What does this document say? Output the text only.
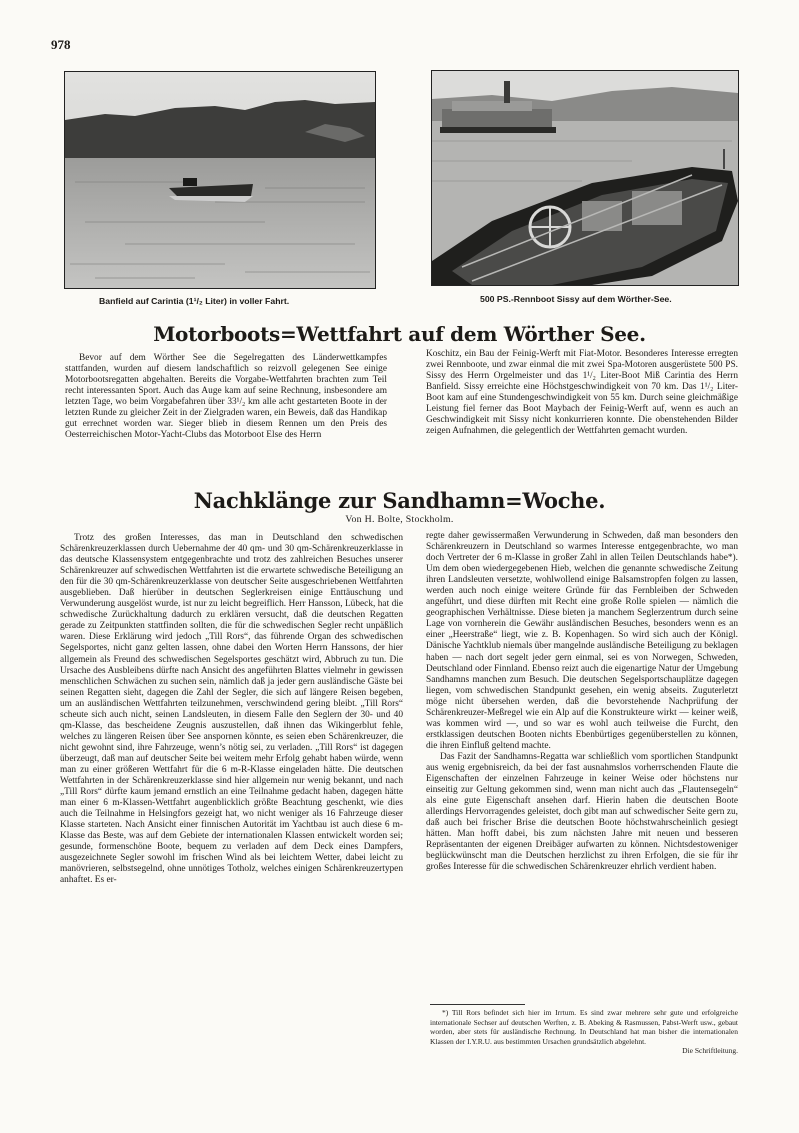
978
Banfield auf Carintia (1¹/₂ Liter) in voller Fahrt.	500 PS.-Rennboot Sissy auf dem Wörther-See.
Motorboots=Wettfahrt auf dem Wörther See.

Bevor auf dem Wörther See die Segelregatten des Länderwettkampfes stattfanden, wurden auf diesem landschaftlich so reizvoll gelegenen See einige Motorbootsregatten abgehalten. Bereits die Vorgabe-Wettfahrten brachten zum Teil recht interessanten Sport. Auch das Auge kam auf seine Rechnung, insbesondere am letzten Tage, wo beim Vorgabefahren über 33¹/₂ km alle acht gestarteten Boote in der letzten Runde zu gleicher Zeit in der Zielgraden waren, ein Beweis, daß das Handikap gut errechnet worden war. Sieger blieb in diesem Rennen um den Preis des Oesterreichischen Motor-Yacht-Clubs das Motorboot Else des Herrn

Koschitz, ein Bau der Feinig-Werft mit Fiat-Motor. Besonderes Interesse erregten zwei Rennboote, und zwar einmal die mit zwei Spa-Motoren ausgerüstete 500 PS. Sissy des Herrn Orgelmeister und das 1¹/₂ Liter-Boot Miß Carintia des Herrn Banfield. Sissy erreichte eine Höchstgeschwindigkeit von 70 km. Das 1¹/₂ Liter-Boot kam auf eine Stundengeschwindigkeit von 55 km. Durch seine gleichmäßige Leistung fiel ferner das Boot Maybach der Feinig-Werft auf, wenn es auch an Geschwindigkeit mit Sissy nicht konkurrieren konnte. Die obenstehenden Bilder zeigen Aufnahmen, die gelegentlich der Wettfahrten gemacht wurden.

Nachklänge zur Sandhamn=Woche.
Von H. Bolte, Stockholm.

Trotz des großen Interesses, das man in Deutschland den schwedischen Schärenkreuzerklassen durch Uebernahme der 40 qm- und 30 qm-Schärenkreuzerklasse in das deutsche Klassensystem entgegenbrachte und trotz des zahlreichen Besuches unserer Schärenkreuzer auf schwedischen Wettfahrten ist die erwartete schwedische Beteiligung an den für die 30 qm-Schärenkreuzerklasse von deutscher Seite ausgeschriebenen Wettfahrten ausgeblieben. Daß hierüber in deutschen Seglerkreisen einige Enttäuschung und Verwunderung ausgelöst wurde, ist nur zu leicht begreiflich. Herr Hansson, Lübeck, hat die schwedische Zurückhaltung dadurch zu erklären versucht, daß die deutschen Regatten gerade zu Zeitpunkten stattfinden sollten, die für die schwedischen Segler recht unpäßlich waren. Diese Erklärung wird jedoch „Till Rors“, das führende Organ des schwedischen Segelsportes, nicht ganz gelten lassen, ohne dabei den Worten Herrn Hanssons, der hier allgemein als Freund des schwedischen Segelsportes geschätzt wird, Abbruch zu tun. Die Ursache des Ausbleibens dürfte nach Ansicht des angeführten Blattes vielmehr in gewissen menschlichen Schwächen zu suchen sein, nämlich daß ja jeder gern ausländische Gäste bei seinen Regatten sieht, dagegen die Zahl der Segler, die sich auf längere Reisen begeben, um an ausländischen Wettfahrten teilzunehmen, verschwindend gering bleibt. „Till Rors“ scheute sich auch nicht, seinen Landsleuten, in diesem Falle den Seglern der 30- und 40 qm-Klasse, das bescheidene Zeugnis auszustellen, daß ihnen das Wikingerblut fehle, welches zu längeren Reisen über See anspornen könnte, es seien eben Schärenkreuzer, die nicht gewohnt sind, ihre Fahrzeuge, wenn’s nötig sei, zu verladen. „Till Rors“ ist dagegen überzeugt, daß man auf deutscher Seite bei weitem mehr Erfolg gehabt haben würde, wenn man zu einer größeren Wettfahrt für die 6 m-R-Klasse eingeladen hätte. Die deutschen Wettfahrten in der Schärenkreuzerklasse sind hier allgemein nur wenig bekannt, und nach „Till Rors“ dürfte kaum jemand ernstlich an eine Teilnahme gedacht haben, dagegen hätte man einer 6 m-Klassen-Wettfahrt augenblicklich größte Beachtung geschenkt, wie dies auch die Teilnahme in Helsingfors gezeigt hat, wo nicht weniger als 16 Fahrzeuge dieser Klasse starteten. Nach Ansicht einer finnischen Autorität im Yachtbau ist auch diese 6 m-Klasse das Beste, was auf dem Gebiete der internationalen Klassen entwickelt worden sei; gesunde, formenschöne Boote, bequem zu verladen auf dem Deck eines Dampfers, ausgezeichnete Segler sowohl im frischen Wind als bei leichtem Wetter, dabei leicht zu manövrieren, selbstsegelnd, ohne unnötiges Totholz, welches einigen Schärenkreuzertypen anhaftet. Es er-

regte daher gewissermaßen Verwunderung in Schweden, daß man besonders den Schärenkreuzern in Deutschland so warmes Interesse entgegenbrachte, wo man doch Vertreter der 6 m-Klasse in großer Zahl in allen Teilen Deutschlands habe*). Um dem oben wiedergegebenen Hieb, welchen die genannte schwedische Zeitung ihren Landsleuten versetzte, wohlwollend einige Balsamstropfen folgen zu lassen, werden auch noch einige weitere Gründe für das Fernbleiben der Schweden angeführt, und diese dürften mit Recht eine große Rolle spielen — nämlich die geographischen Verhältnisse. Diese bieten ja manchem Seglerzentrum durch seine Lage von vornherein die Gewähr ausländischen Besuches, besonders wenn es an einer „Heerstraße“ liegt, wie z. B. Kopenhagen. So wird sich auch der Königl. Dänische Yachtklub niemals über mangelnde ausländische Beteiligung zu beklagen haben — nach dort segelt jeder gern einmal, sei es von Norwegen, Schweden, Deutschland oder Finnland. Ebenso reizt auch die eigenartige Natur der Umgebung Sandhamns manchen zum Besuch. Die deutschen Segelsportschauplätze dagegen liegen, vom schwedischen Standpunkt gesehen, ein wenig abseits. Zuguterletzt möge nicht übersehen werden, daß die bevorstehende Nachprüfung der Schärenkreuzer-Meßregel wie ein Alp auf die Konstrukteure wirkt — keiner weiß, was kommen wird —, und so war es wohl auch teilweise die Furcht, den erstklassigen deutschen Booten nichts Ebenbürtiges gegenüberstellen zu können, die ihren Einfluß geltend machte.

Das Fazit der Sandhamns-Regatta war schließlich vom sportlichen Standpunkt aus wenig ergebnisreich, da bei der fast ausnahmslos vorherrschenden Flaute die Eigenschaften der einzelnen Fahrzeuge in keiner Weise oder höchstens nur einseitig zur Geltung gekommen sind, wenn man nicht auch das „Flautensegeln“ als eine gute Eigenschaft ansehen darf. Hierin haben die deutschen Boote allerdings Hervorragendes geleistet, doch gibt man auf schwedischer Seite gern zu, daß auch bei frischer Brise die deutschen Boote höchstwahrscheinlich gesiegt hätten. Man hofft dabei, bis zum nächsten Jahre mit neuen und besseren Repräsentanten der eigenen Dreibäger aufwarten zu können. Nichtsdestoweniger beglückwünscht man die Deutschen herzlichst zu ihren Erfolgen, die sie für ihr großes Interesse für die schwedischen Schärenkreuzer ehrlich verdient haben.

*) Till Rors befindet sich hier im Irrtum. Es sind zwar mehrere sehr gute und erfolgreiche internationale Sechser auf deutschen Werften, z. B. Abeking & Rasmussen, Pabst-Werft usw., gebaut worden, aber stets für ausländische Rechnung. In Deutschland hat man bisher die internationalen Klassen der I.Y.R.U. aus bestimmten Ursachen grundsätzlich abgelehnt.

Die Schriftleitung.
